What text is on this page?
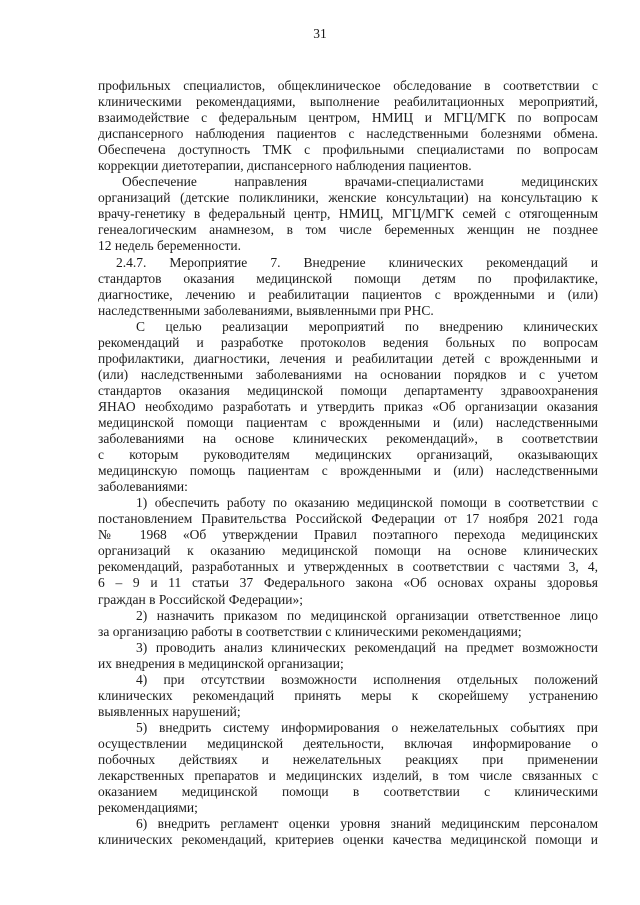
31
профильных специалистов, общеклиническое обследование в соответствии с
клиническими рекомендациями, выполнение реабилитационных мероприятий,
взаимодействие с федеральным центром, НМИЦ и МГЦ/МГК по вопросам
диспансерного наблюдения пациентов с наследственными болезнями обмена.
Обеспечена доступность ТМК с профильными специалистами по вопросам
коррекции диетотерапии, диспансерного наблюдения пациентов.
Обеспечение направления врачами-специалистами медицинских
организаций (детские поликлиники, женские консультации) на консультацию к
врачу-генетику в федеральный центр, НМИЦ, МГЦ/МГК семей с отягощенным
генеалогическим анамнезом, в том числе беременных женщин не позднее
12 недель беременности.
2.4.7. Мероприятие 7. Внедрение клинических рекомендаций и
стандартов оказания медицинской помощи детям по профилактике,
диагностике, лечению и реабилитации пациентов с врожденными и (или)
наследственными заболеваниями, выявленными при РНС.
С целью реализации мероприятий по внедрению клинических
рекомендаций и разработке протоколов ведения больных по вопросам
профилактики, диагностики, лечения и реабилитации детей с врожденными и
(или) наследственными заболеваниями на основании порядков и с учетом
стандартов оказания медицинской помощи департаменту здравоохранения
ЯНАО необходимо разработать и утвердить приказ «Об организации оказания
медицинской помощи пациентам с врожденными и (или) наследственными
заболеваниями на основе клинических рекомендаций», в соответствии
с которым руководителям медицинских организаций, оказывающих
медицинскую помощь пациентам с врожденными и (или) наследственными
заболеваниями:
1) обеспечить работу по оказанию медицинской помощи в соответствии с
постановлением Правительства Российской Федерации от 17 ноября 2021 года
№ 1968 «Об утверждении Правил поэтапного перехода медицинских
организаций к оказанию медицинской помощи на основе клинических
рекомендаций, разработанных и утвержденных в соответствии с частями 3, 4,
6 – 9 и 11 статьи 37 Федерального закона «Об основах охраны здоровья
граждан в Российской Федерации»;
2) назначить приказом по медицинской организации ответственное лицо
за организацию работы в соответствии с клиническими рекомендациями;
3) проводить анализ клинических рекомендаций на предмет возможности
их внедрения в медицинской организации;
4) при отсутствии возможности исполнения отдельных положений
клинических рекомендаций принять меры к скорейшему устранению
выявленных нарушений;
5) внедрить систему информирования о нежелательных событиях при
осуществлении медицинской деятельности, включая информирование о
побочных действиях и нежелательных реакциях при применении
лекарственных препаратов и медицинских изделий, в том числе связанных с
оказанием медицинской помощи в соответствии с клиническими
рекомендациями;
6) внедрить регламент оценки уровня знаний медицинским персоналом
клинических рекомендаций, критериев оценки качества медицинской помощи и
